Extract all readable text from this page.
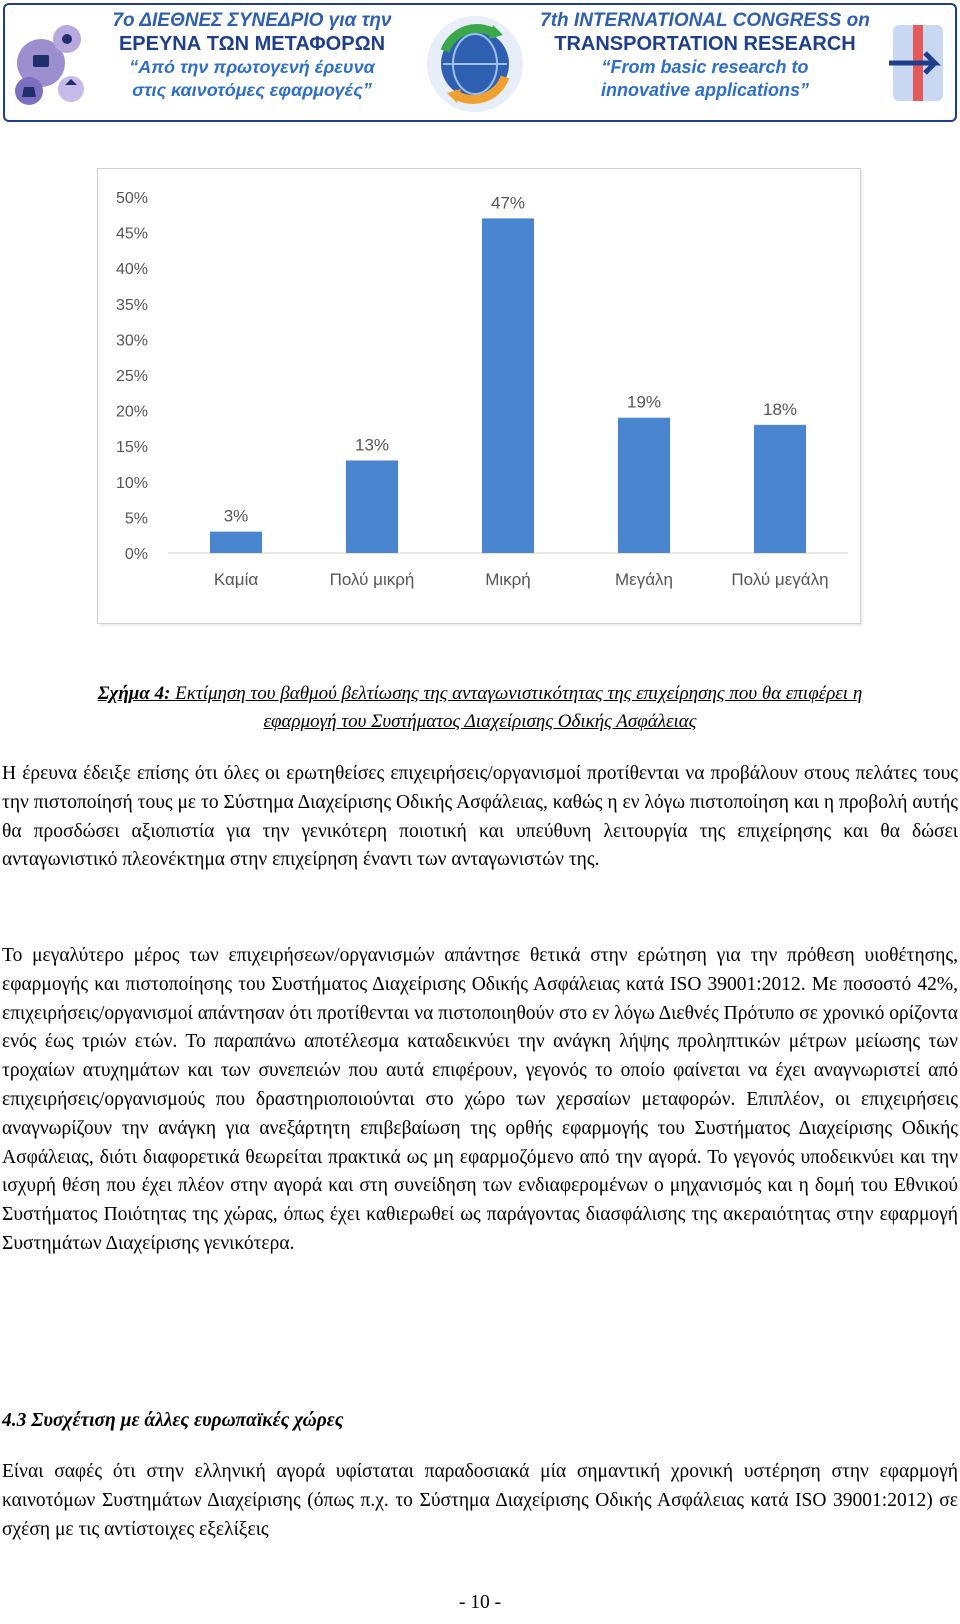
7ο ΔΙΕΘΝΕΣ ΣΥΝΕΔΡΙΟ για την
ΕΡΕΥΝΑ ΤΩΝ ΜΕΤΑΦΟΡΩΝ
“Από την πρωτογενή έρευνα
στις καινοτόμες εφαρμογές”
7th INTERNATIONAL CONGRESS on
TRANSPORTATION RESEARCH
“From basic research to
innovative applications”
0%
5%
10%
15%
20%
25%
30%
35%
40%
45%
50%
3%
Καμία
13%
Πολύ μικρή
47%
Μικρή
19%
Μεγάλη
18%
Πολύ μεγάλη
Σχήμα 4: Εκτίμηση του βαθμού βελτίωσης της ανταγωνιστικότητας της επιχείρησης που θα επιφέρει η
εφαρμογή του Συστήματος Διαχείρισης Οδικής Ασφάλειας
Η έρευνα έδειξε επίσης ότι όλες οι ερωτηθείσες επιχειρήσεις/οργανισμοί προτίθενται να προβάλουν στους πελάτες τους την πιστοποίησή τους με το Σύστημα Διαχείρισης Οδικής Ασφάλειας, καθώς η εν λόγω πιστοποίηση και η προβολή αυτής θα προσδώσει αξιοπιστία για την γενικότερη ποιοτική και υπεύθυνη λειτουργία της επιχείρησης και θα δώσει ανταγωνιστικό πλεονέκτημα στην επιχείρηση έναντι των ανταγωνιστών της.
Το μεγαλύτερο μέρος των επιχειρήσεων/οργανισμών απάντησε θετικά στην ερώτηση για την πρόθεση υιοθέτησης, εφαρμογής και πιστοποίησης του Συστήματος Διαχείρισης Οδικής Ασφάλειας κατά ISO 39001:2012. Με ποσοστό 42%, επιχειρήσεις/οργανισμοί απάντησαν ότι προτίθενται να πιστοποιηθούν στο εν λόγω Διεθνές Πρότυπο σε χρονικό ορίζοντα ενός έως τριών ετών. Το παραπάνω αποτέλεσμα καταδεικνύει την ανάγκη λήψης προληπτικών μέτρων μείωσης των τροχαίων ατυχημάτων και των συνεπειών που αυτά επιφέρουν, γεγονός το οποίο φαίνεται να έχει αναγνωριστεί από επιχειρήσεις/οργανισμούς που δραστηριοποιούνται στο χώρο των χερσαίων μεταφορών. Επιπλέον, οι επιχειρήσεις αναγνωρίζουν την ανάγκη για ανεξάρτητη επιβεβαίωση της ορθής εφαρμογής του Συστήματος Διαχείρισης Οδικής Ασφάλειας, διότι διαφορετικά θεωρείται πρακτικά ως μη εφαρμοζόμενο από την αγορά. Το γεγονός υποδεικνύει και την ισχυρή θέση που έχει πλέον στην αγορά και στη συνείδηση των ενδιαφερομένων ο μηχανισμός και η δομή του Εθνικού Συστήματος Ποιότητας της χώρας, όπως έχει καθιερωθεί ως παράγοντας διασφάλισης της ακεραιότητας στην εφαρμογή Συστημάτων Διαχείρισης γενικότερα.
4.3 Συσχέτιση με άλλες ευρωπαϊκές χώρες
Είναι σαφές ότι στην ελληνική αγορά υφίσταται παραδοσιακά μία σημαντική χρονική υστέρηση στην εφαρμογή καινοτόμων Συστημάτων Διαχείρισης (όπως π.χ. το Σύστημα Διαχείρισης Οδικής Ασφάλειας κατά ISO 39001:2012) σε σχέση με τις αντίστοιχες εξελίξεις
- 10 -
